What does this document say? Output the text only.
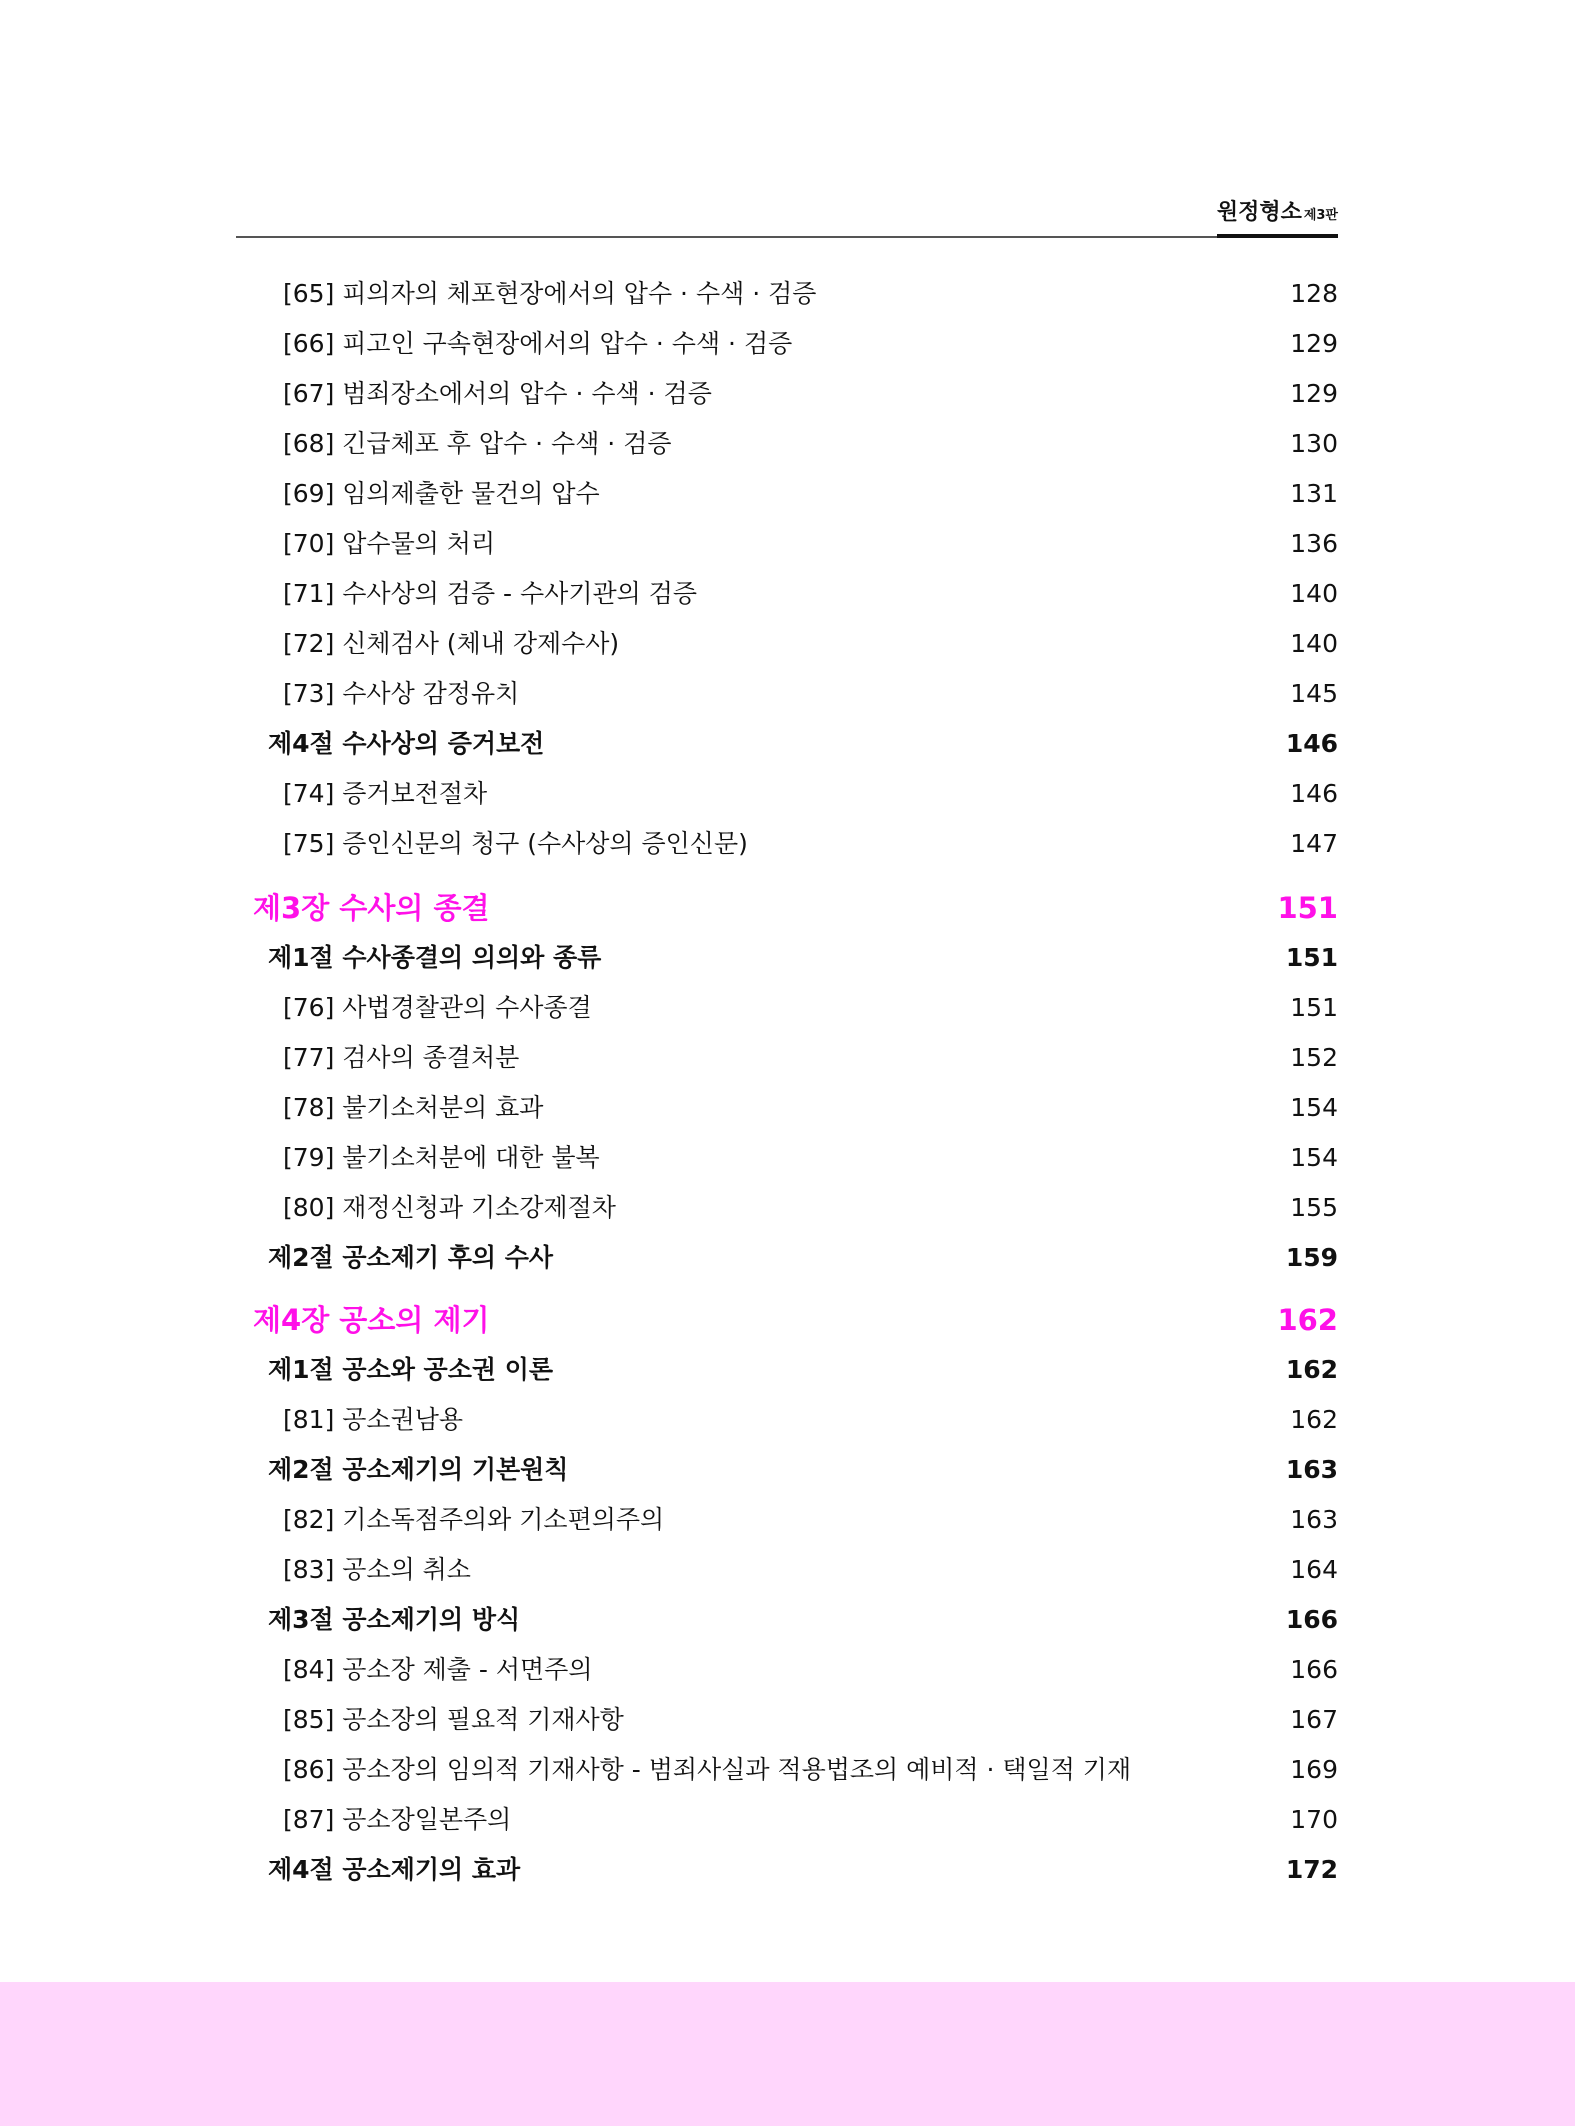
원정형소 제3판
[65] 피의자의 체포현장에서의 압수 · 수색 · 검증	128
[66] 피고인 구속현장에서의 압수 · 수색 · 검증	129
[67] 범죄장소에서의 압수 · 수색 · 검증	129
[68] 긴급체포 후 압수 · 수색 · 검증	130
[69] 임의제출한 물건의 압수	131
[70] 압수물의 처리	136
[71] 수사상의 검증 - 수사기관의 검증	140
[72] 신체검사 (체내 강제수사)	140
[73] 수사상 감정유치	145
제4절 수사상의 증거보전	146
[74] 증거보전절차	146
[75] 증인신문의 청구 (수사상의 증인신문)	147
제3장 수사의 종결	151
제1절 수사종결의 의의와 종류	151
[76] 사법경찰관의 수사종결	151
[77] 검사의 종결처분	152
[78] 불기소처분의 효과	154
[79] 불기소처분에 대한 불복	154
[80] 재정신청과 기소강제절차	155
제2절 공소제기 후의 수사	159
제4장 공소의 제기	162
제1절 공소와 공소권 이론	162
[81] 공소권남용	162
제2절 공소제기의 기본원칙	163
[82] 기소독점주의와 기소편의주의	163
[83] 공소의 취소	164
제3절 공소제기의 방식	166
[84] 공소장 제출 - 서면주의	166
[85] 공소장의 필요적 기재사항	167
[86] 공소장의 임의적 기재사항 - 범죄사실과 적용법조의 예비적 · 택일적 기재	169
[87] 공소장일본주의	170
제4절 공소제기의 효과	172
